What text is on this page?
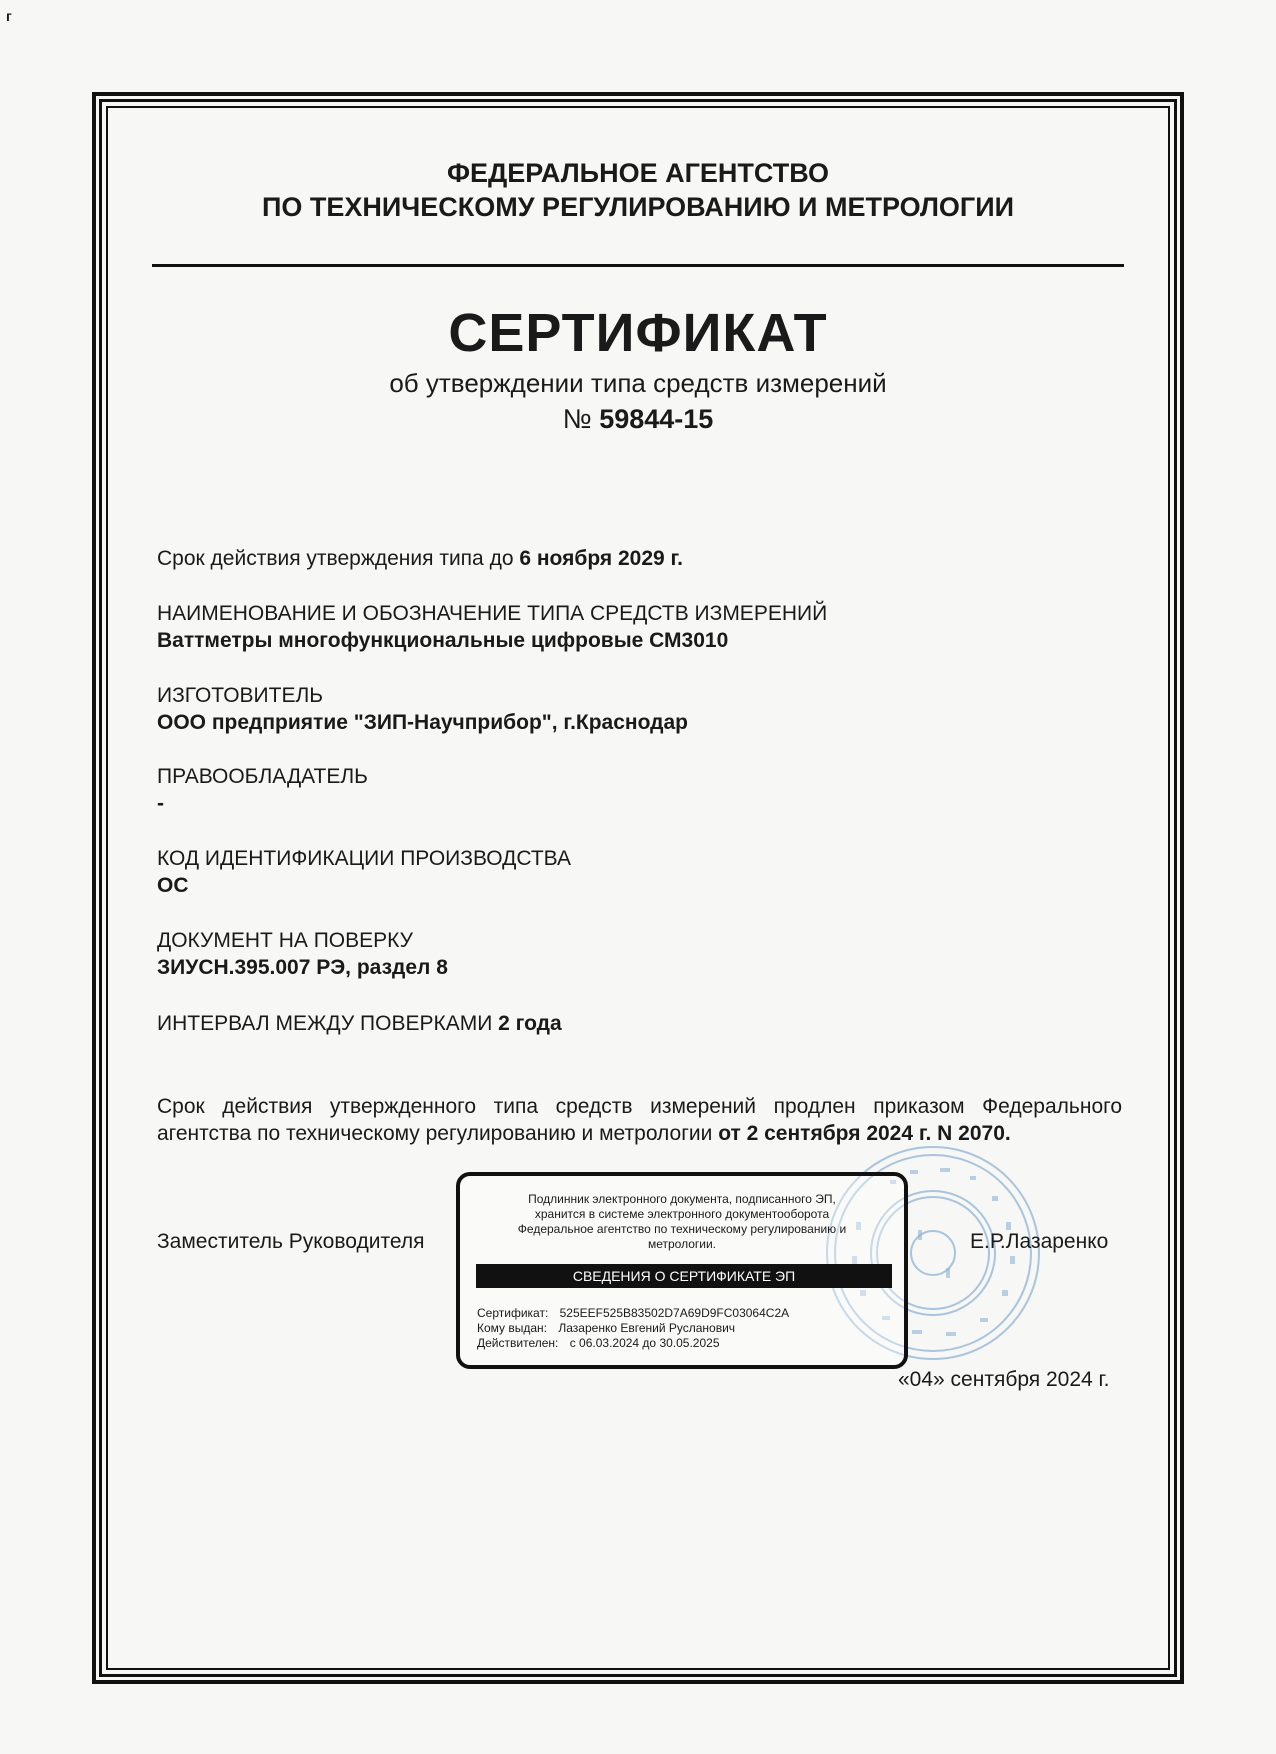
г
ФЕДЕРАЛЬНОЕ АГЕНТСТВО
ПО ТЕХНИЧЕСКОМУ РЕГУЛИРОВАНИЮ И МЕТРОЛОГИИ
СЕРТИФИКАТ
об утверждении типа средств измерений
№ 59844-15
Срок действия утверждения типа до 6 ноября 2029 г.
НАИМЕНОВАНИЕ И ОБОЗНАЧЕНИЕ ТИПА СРЕДСТВ ИЗМЕРЕНИЙ
Ваттметры многофункциональные цифровые СМ3010
ИЗГОТОВИТЕЛЬ
ООО предприятие "ЗИП-Научприбор", г.Краснодар
ПРАВООБЛАДАТЕЛЬ
-
КОД ИДЕНТИФИКАЦИИ ПРОИЗВОДСТВА
ОС
ДОКУМЕНТ НА ПОВЕРКУ
ЗИУСН.395.007 РЭ, раздел 8
ИНТЕРВАЛ МЕЖДУ ПОВЕРКАМИ 2 года
Срок действия утвержденного типа средств измерений продлен приказом Федерального агентства по техническому регулированию и метрологии от 2 сентября 2024 г. N 2070.
Заместитель Руководителя	Е.Р.Лазаренко
Подлинник электронного документа, подписанного ЭП,
хранится в системе электронного документооборота
Федеральное агентство по техническому регулированию и
метрологии.
СВЕДЕНИЯ О СЕРТИФИКАТЕ ЭП
Сертификат: 525EEF525B83502D7A69D9FC03064C2A
Кому выдан: Лазаренко Евгений Русланович
Действителен: с 06.03.2024 до 30.05.2025
«04» сентября 2024 г.
